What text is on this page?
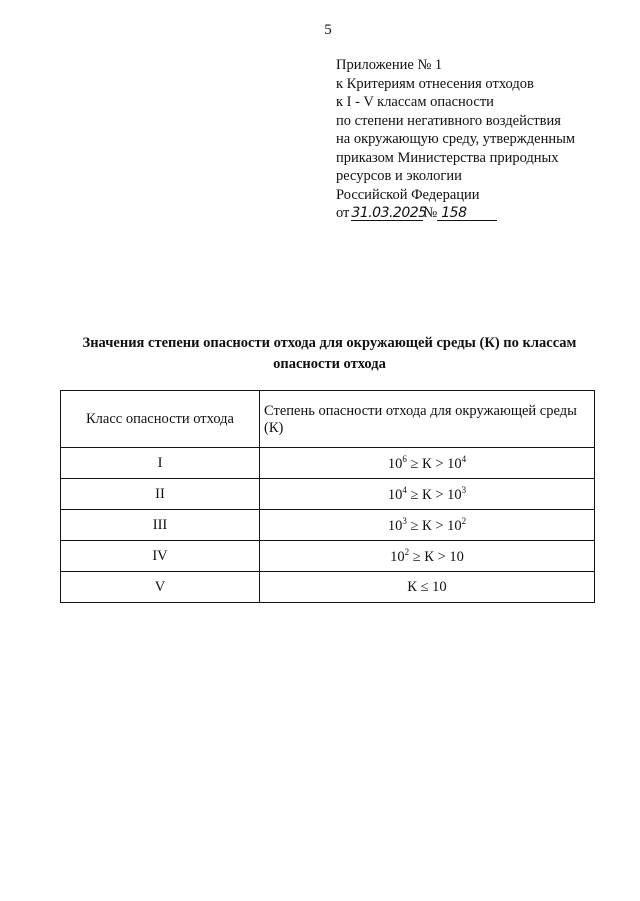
5
Приложение № 1
к Критериям отнесения отходов
к I - V классам опасности
по степени негативного воздействия
на окружающую среду, утвержденным
приказом Министерства природных
ресурсов и экологии
Российской Федерации
от 31.03.2025№ 158
Значения степени опасности отхода для окружающей среды (К) по классам опасности отхода
Класс опасности отхода	Степень опасности отхода для окружающей среды (К)
I	$10^6 \ge К > 10^4$
II	$10^4 \ge К > 10^3$
III	$10^3 \ge К > 10^2$
IV	$10^2 \ge К > 10$
V	К ≤ 10
